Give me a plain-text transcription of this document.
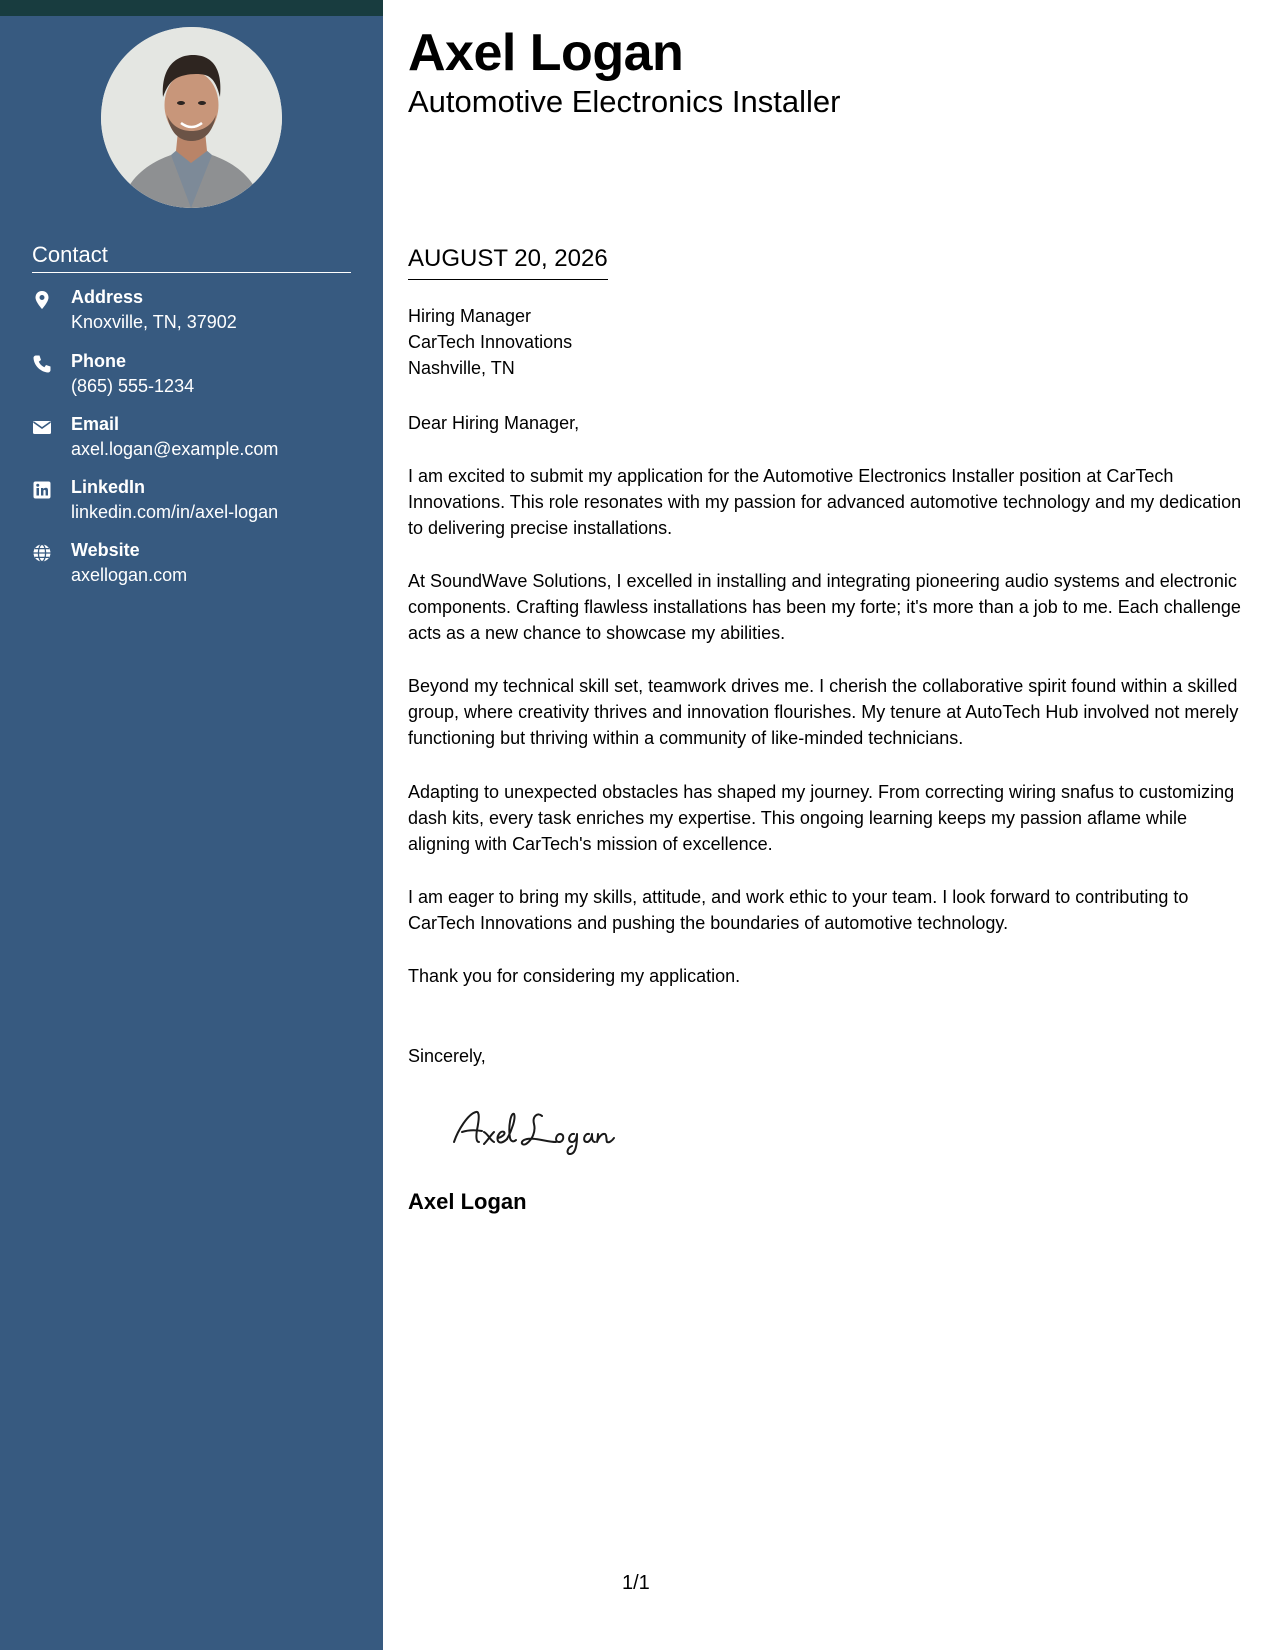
Contact
Address
Knoxville, TN, 37902
Phone
(865) 555-1234
Email
axel.logan@example.com
LinkedIn
linkedin.com/in/axel-logan
Website
axellogan.com
Axel Logan
Automotive Electronics Installer
AUGUST 20, 2026
Hiring Manager
CarTech Innovations
Nashville, TN
Dear Hiring Manager,
I am excited to submit my application for the Automotive Electronics Installer position at CarTech Innovations. This role resonates with my passion for advanced automotive technology and my dedication to delivering precise installations.
At SoundWave Solutions, I excelled in installing and integrating pioneering audio systems and electronic components. Crafting flawless installations has been my forte; it's more than a job to me. Each challenge acts as a new chance to showcase my abilities.
Beyond my technical skill set, teamwork drives me. I cherish the collaborative spirit found within a skilled group, where creativity thrives and innovation flourishes. My tenure at AutoTech Hub involved not merely functioning but thriving within a community of like-minded technicians.
Adapting to unexpected obstacles has shaped my journey. From correcting wiring snafus to customizing dash kits, every task enriches my expertise. This ongoing learning keeps my passion aflame while aligning with CarTech's mission of excellence.
I am eager to bring my skills, attitude, and work ethic to your team. I look forward to contributing to CarTech Innovations and pushing the boundaries of automotive technology.
Thank you for considering my application.
Sincerely,
Axel Logan
1/1
